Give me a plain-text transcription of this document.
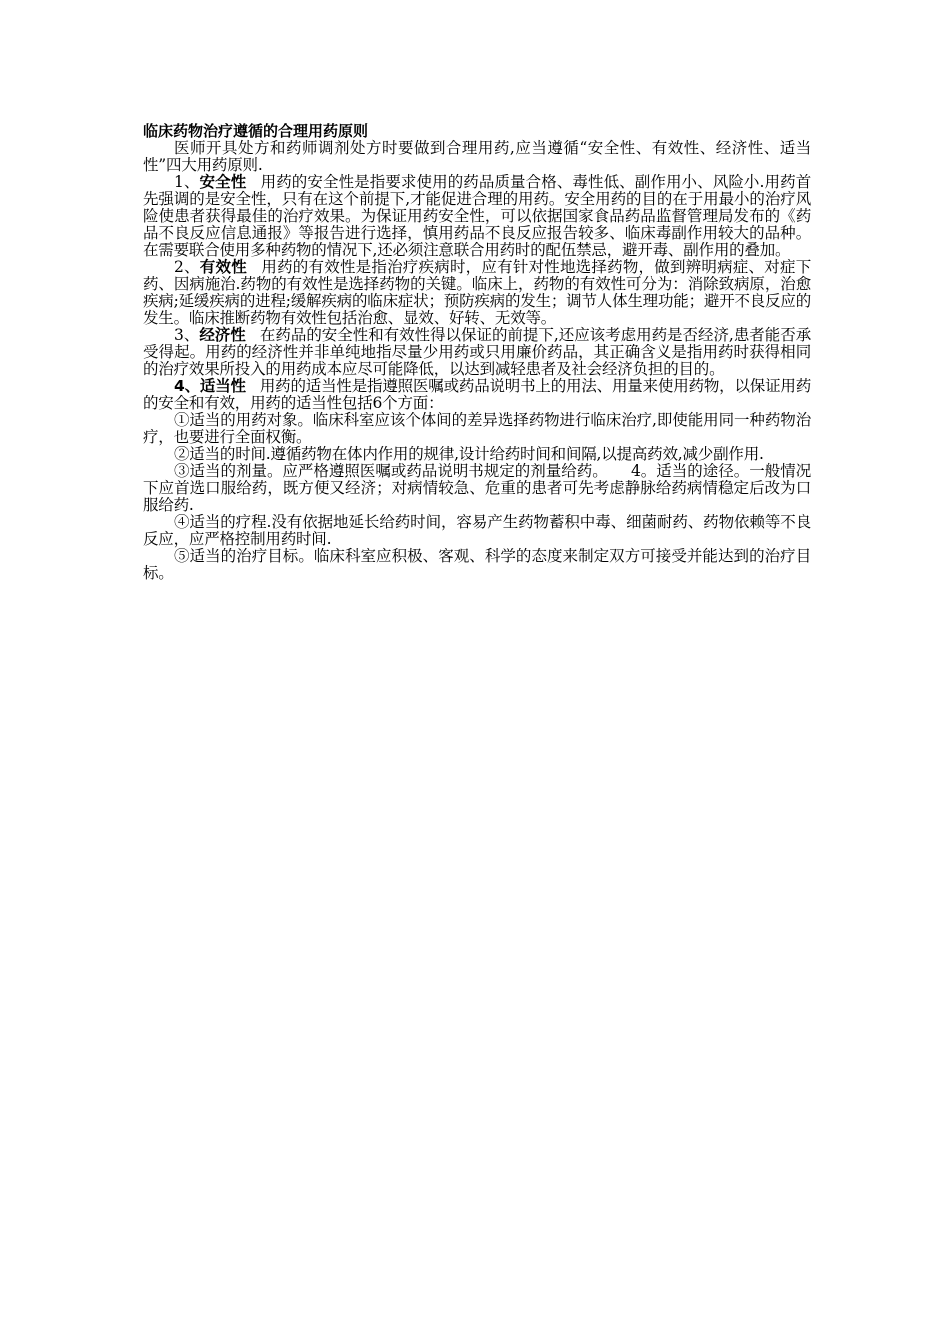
临床药物治疗遵循的合理用药原则

医师开具处方和药师调剂处方时要做到合理用药,应当遵循“安全性、有效性、经济性、适当性”四大用药原则.

1、安全性 用药的安全性是指要求使用的药品质量合格、毒性低、副作用小、风险小.用药首先强调的是安全性，只有在这个前提下,才能促进合理的用药。安全用药的目的在于用最小的治疗风险使患者获得最佳的治疗效果。为保证用药安全性，可以依据国家食品药品监督管理局发布的《药品不良反应信息通报》等报告进行选择，慎用药品不良反应报告较多、临床毒副作用较大的品种。在需要联合使用多种药物的情况下,还必须注意联合用药时的配伍禁忌，避开毒、副作用的叠加。

2、有效性 用药的有效性是指治疗疾病时，应有针对性地选择药物，做到辨明病症、对症下药、因病施治.药物的有效性是选择药物的关键。临床上，药物的有效性可分为：消除致病原，治愈疾病;延缓疾病的进程;缓解疾病的临床症状；预防疾病的发生；调节人体生理功能；避开不良反应的发生。临床推断药物有效性包括治愈、显效、好转、无效等。

3、经济性 在药品的安全性和有效性得以保证的前提下,还应该考虑用药是否经济,患者能否承受得起。用药的经济性并非单纯地指尽量少用药或只用廉价药品，其正确含义是指用药时获得相同的治疗效果所投入的用药成本应尽可能降低，以达到减轻患者及社会经济负担的目的。

4、适当性 用药的适当性是指遵照医嘱或药品说明书上的用法、用量来使用药物，以保证用药的安全和有效，用药的适当性包括6个方面：

①适当的用药对象。临床科室应该个体间的差异选择药物进行临床治疗,即使能用同一种药物治疗，也要进行全面权衡。

②适当的时间.遵循药物在体内作用的规律,设计给药时间和间隔,以提高药效,减少副作用.

③适当的剂量。应严格遵照医嘱或药品说明书规定的剂量给药。　　4。适当的途径。一般情况下应首选口服给药，既方便又经济；对病情较急、危重的患者可先考虑静脉给药病情稳定后改为口服给药.

④适当的疗程.没有依据地延长给药时间，容易产生药物蓄积中毒、细菌耐药、药物依赖等不良反应，应严格控制用药时间.

⑤适当的治疗目标。临床科室应积极、客观、科学的态度来制定双方可接受并能达到的治疗目标。
